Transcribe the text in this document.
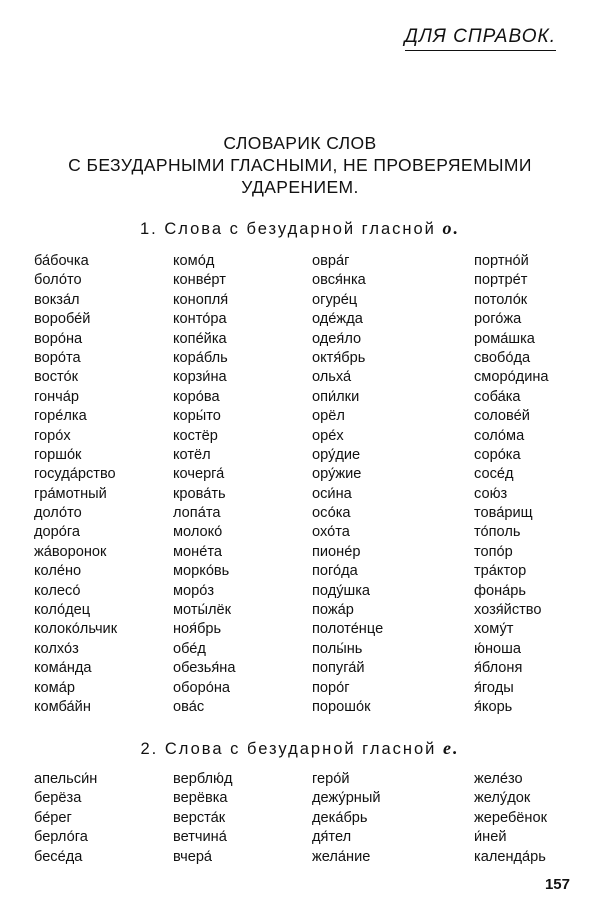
ДЛЯ СПРАВОК.
СЛОВАРИК СЛОВ
С БЕЗУДАРНЫМИ ГЛАСНЫМИ, НЕ ПРОВЕРЯЕМЫМИ
УДАРЕНИЕМ.
1. Слова с безударной гласной о.
ба́бочка	комо́д	овра́г	портно́й
боло́то	конве́рт	овся́нка	портре́т
вокза́л	конопля́	огуре́ц	потоло́к
воробе́й	конто́ра	оде́жда	рого́жа
воро́на	копе́йка	одея́ло	рома́шка
воро́та	кора́бль	октя́брь	свобо́да
восто́к	корзи́на	ольха́	сморо́дина
гонча́р	коро́ва	опи́лки	соба́ка
горе́лка	коры́то	орёл	солове́й
горо́х	костёр	оре́х	соло́ма
горшо́к	котёл	ору́дие	соро́ка
госуда́рство	кочерга́	ору́жие	сосе́д
гра́мотный	крова́ть	оси́на	сою́з
доло́то	лопа́та	осо́ка	това́рищ
доро́га	молоко́	охо́та	то́поль
жа́воронок	моне́та	пионе́р	топо́р
коле́но	морко́вь	пого́да	тра́ктор
колесо́	моро́з	поду́шка	фона́рь
коло́дец	моты́лёк	пожа́р	хозя́йство
колоко́льчик	ноя́брь	полоте́нце	хому́т
колхо́з	обе́д	полы́нь	ю́ноша
кома́нда	обезья́на	попуга́й	я́блоня
кома́р	оборо́на	поро́г	я́годы
комба́йн	ова́с	порошо́к	я́корь
2. Слова с безударной гласной е.
апельси́н	верблю́д	геро́й	желе́зо
берёза	верёвка	дежу́рный	желу́док
бе́рег	верста́к	дека́брь	жеребёнок
берло́га	ветчина́	дя́тел	и́ней
бесе́да	вчера́	жела́ние	календа́рь
157
